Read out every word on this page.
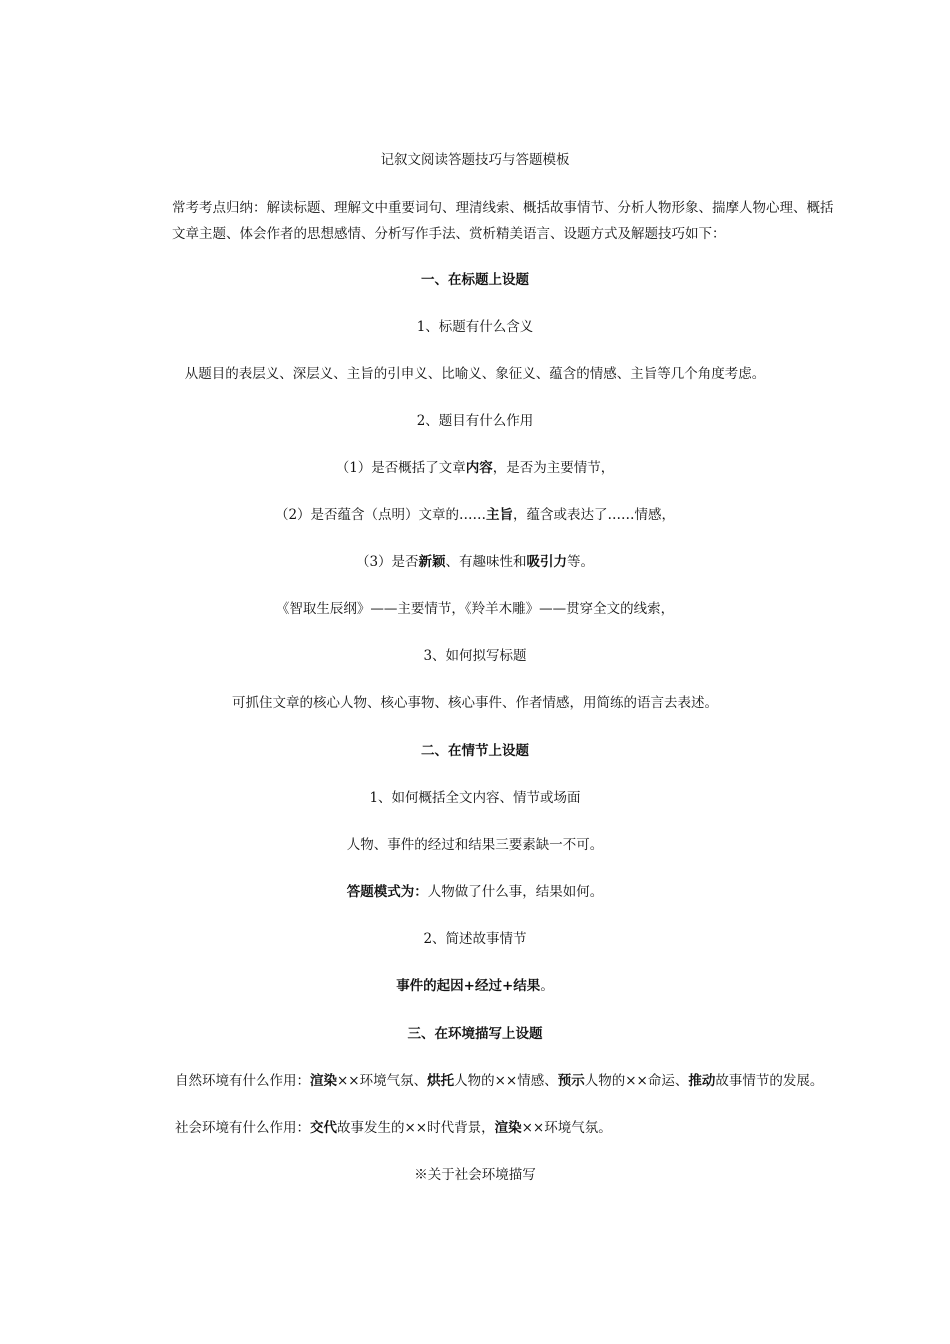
记叙文阅读答题技巧与答题模板
常考考点归纳：解读标题、理解文中重要词句、理清线索、概括故事情节、分析人物形象、揣摩人物心理、概括文章主题、体会作者的思想感情、分析写作手法、赏析精美语言、设题方式及解题技巧如下：
一、在标题上设题
1、标题有什么含义
从题目的表层义、深层义、主旨的引申义、比喻义、象征义、蕴含的情感、主旨等几个角度考虑。
2、题目有什么作用
（1）是否概括了文章内容，是否为主要情节，
（2）是否蕴含（点明）文章的……主旨，蕴含或表达了……情感，
（3）是否新颖、有趣味性和吸引力等。
《智取生辰纲》——主要情节，《羚羊木雕》——贯穿全文的线索，
3、如何拟写标题
可抓住文章的核心人物、核心事物、核心事件、作者情感，用简练的语言去表述。
二、在情节上设题
1、如何概括全文内容、情节或场面
人物、事件的经过和结果三要素缺一不可。
答题模式为：人物做了什么事，结果如何。
2、简述故事情节
事件的起因+经过+结果。
三、在环境描写上设题
自然环境有什么作用：渲染××环境气氛、烘托人物的××情感、预示人物的××命运、推动故事情节的发展。
社会环境有什么作用：交代故事发生的××时代背景，渲染××环境气氛。
※关于社会环境描写
